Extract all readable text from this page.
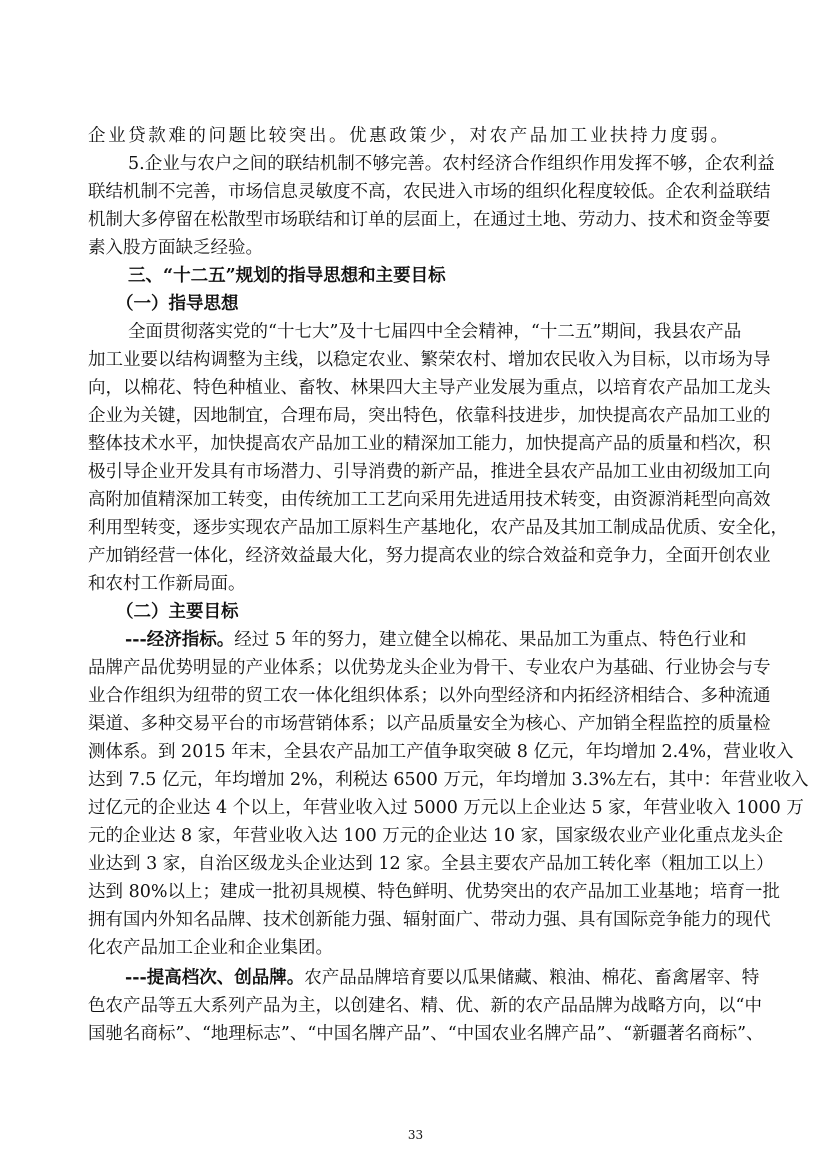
企业贷款难的问题比较突出。优惠政策少，对农产品加工业扶持力度弱。
5.企业与农户之间的联结机制不够完善。农村经济合作组织作用发挥不够，企农利益
联结机制不完善，市场信息灵敏度不高，农民进入市场的组织化程度较低。企农利益联结
机制大多停留在松散型市场联结和订单的层面上，在通过土地、劳动力、技术和资金等要
素入股方面缺乏经验。
三、“十二五”规划的指导思想和主要目标
（一）指导思想
全面贯彻落实党的“十七大”及十七届四中全会精神，“十二五”期间，我县农产品
加工业要以结构调整为主线，以稳定农业、繁荣农村、增加农民收入为目标，以市场为导
向，以棉花、特色种植业、畜牧、林果四大主导产业发展为重点，以培育农产品加工龙头
企业为关键，因地制宜，合理布局，突出特色，依靠科技进步，加快提高农产品加工业的
整体技术水平，加快提高农产品加工业的精深加工能力，加快提高产品的质量和档次，积
极引导企业开发具有市场潜力、引导消费的新产品，推进全县农产品加工业由初级加工向
高附加值精深加工转变，由传统加工工艺向采用先进适用技术转变，由资源消耗型向高效
利用型转变，逐步实现农产品加工原料生产基地化，农产品及其加工制成品优质、安全化，
产加销经营一体化，经济效益最大化，努力提高农业的综合效益和竞争力，全面开创农业
和农村工作新局面。
（二）主要目标
---经济指标。经过 5 年的努力，建立健全以棉花、果品加工为重点、特色行业和
品牌产品优势明显的产业体系；以优势龙头企业为骨干、专业农户为基础、行业协会与专
业合作组织为纽带的贸工农一体化组织体系；以外向型经济和内拓经济相结合、多种流通
渠道、多种交易平台的市场营销体系；以产品质量安全为核心、产加销全程监控的质量检
测体系。到 2015 年末，全县农产品加工产值争取突破 8 亿元，年均增加 2.4%，营业收入
达到 7.5 亿元，年均增加 2%，利税达 6500 万元，年均增加 3.3%左右，其中：年营业收入
过亿元的企业达 4 个以上，年营业收入过 5000 万元以上企业达 5 家，年营业收入 1000 万
元的企业达 8 家，年营业收入达 100 万元的企业达 10 家，国家级农业产业化重点龙头企
业达到 3 家，自治区级龙头企业达到 12 家。全县主要农产品加工转化率（粗加工以上）
达到 80%以上；建成一批初具规模、特色鲜明、优势突出的农产品加工业基地；培育一批
拥有国内外知名品牌、技术创新能力强、辐射面广、带动力强、具有国际竞争能力的现代
化农产品加工企业和企业集团。
---提高档次、创品牌。农产品品牌培育要以瓜果储藏、粮油、棉花、畜禽屠宰、特
色农产品等五大系列产品为主，以创建名、精、优、新的农产品品牌为战略方向，以“中
国驰名商标”、“地理标志”、“中国名牌产品”、“中国农业名牌产品”、“新疆著名商标”、
33
